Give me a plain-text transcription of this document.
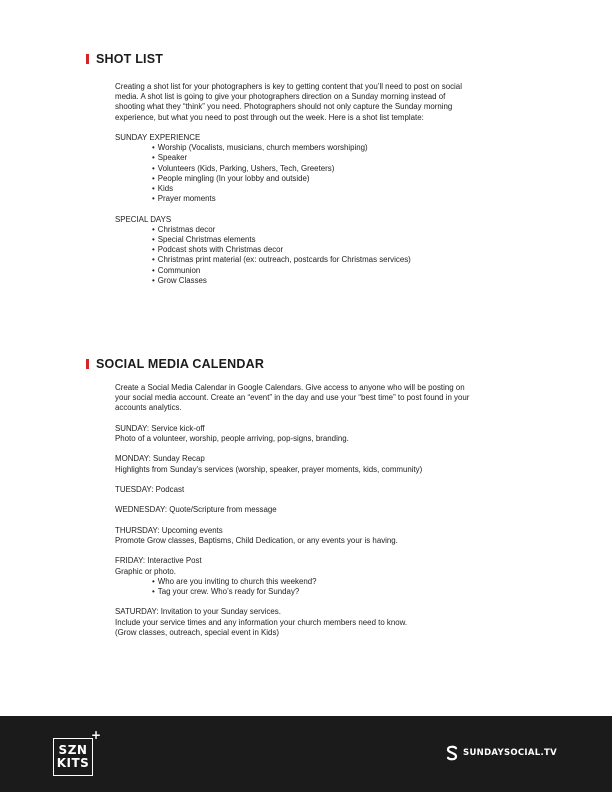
SHOT LIST

Creating a shot list for your photographers is key to getting content that you’ll need to post on social

media. A shot list is going to give your photographers direction on a Sunday morning instead of

shooting what they “think” you need. Photographers should not only capture the Sunday morning

experience, but what you need to post through out the week. Here is a shot list template:

SUNDAY EXPERIENCE

• Worship (Vocalists, musicians, church members worshiping)
• Speaker
• Volunteers (Kids, Parking, Ushers, Tech, Greeters)
• People mingling (In your lobby and outside)
• Kids
• Prayer moments

SPECIAL DAYS

• Christmas decor
• Special Christmas elements
• Podcast shots with Christmas decor
• Christmas print material (ex: outreach, postcards for Christmas services)
• Communion
• Grow Classes
SOCIAL MEDIA CALENDAR

Create a Social Media Calendar in Google Calendars. Give access to anyone who will be posting on

your social media account. Create an “event” in the day and use your “best time” to post found in your

accounts analytics.

SUNDAY: Service kick-off

Photo of a volunteer, worship, people arriving, pop-signs, branding.

MONDAY: Sunday Recap

Highlights from Sunday’s services (worship, speaker, prayer moments, kids, community)

TUESDAY: Podcast

WEDNESDAY: Quote/Scripture from message

THURSDAY: Upcoming events

Promote Grow classes, Baptisms, Child Dedication, or any events your is having.

FRIDAY: Interactive Post

Graphic or photo.

• Who are you inviting to church this weekend?
• Tag your crew. Who’s ready for Sunday?

SATURDAY: Invitation to your Sunday services.

Include your service times and any information your church members need to know.

(Grow classes, outreach, special event in Kids)

SZN
KITS
+
SUNDAYSOCIAL.TV
